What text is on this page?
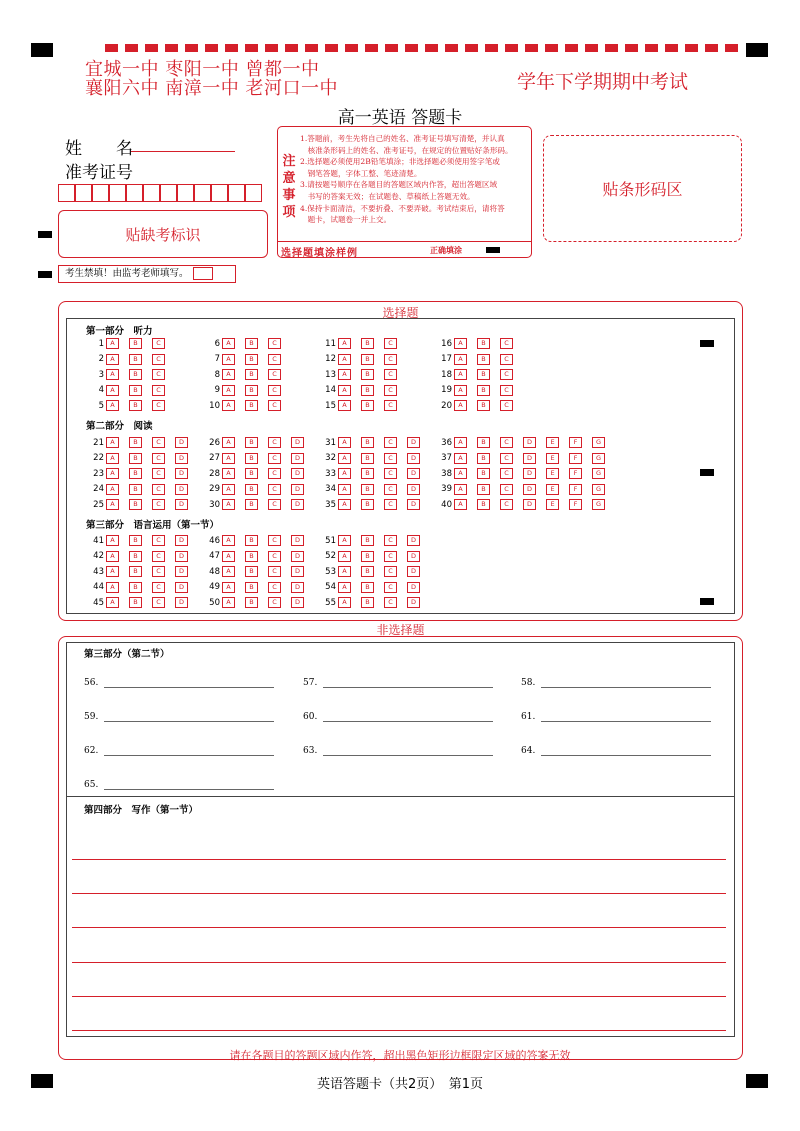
宜城一中 枣阳一中 曾都一中
襄阳六中 南漳一中 老河口一中	学年下学期期中考试
高一英语 答题卡
姓　　名
准考证号
贴缺考标识
注意事项
1.答题前，考生先将自己的姓名、准考证号填写清楚，并认真
　核准条形码上的姓名、准考证号，在规定的位置贴好条形码。
2.选择题必须使用2B铅笔填涂；非选择题必须使用签字笔或
　钢笔答题，字体工整、笔迹清楚。
3.请按题号顺序在各题目的答题区域内作答，超出答题区域
　书写的答案无效；在试题卷、草稿纸上答题无效。
4.保持卡面清洁，不要折叠、不要弄破。考试结束后，请将答
　题卡，试题卷一并上交。
选择题填涂样例	正确填涂
贴条形码区
考生禁填！由监考老师填写。
选择题
第一部分　听力
第二部分　阅读
第三部分　语言运用（第一节）
1 A	B	C
2 A	B	C
3 A	B	C
4 A	B	C
5 A	B	C
6 A	B	C
7 A	B	C
8 A	B	C
9 A	B	C
10 A	B	C
11 A	B	C
12 A	B	C
13 A	B	C
14 A	B	C
15 A	B	C
16 A	B	C
17 A	B	C
18 A	B	C
19 A	B	C
20 A	B	C
21 A	B	C	D
22 A	B	C	D
23 A	B	C	D
24 A	B	C	D
25 A	B	C	D
26 A	B	C	D
27 A	B	C	D
28 A	B	C	D
29 A	B	C	D
30 A	B	C	D
31 A	B	C	D
32 A	B	C	D
33 A	B	C	D
34 A	B	C	D
35 A	B	C	D
36 A	B	C	D	E	F	G
37 A	B	C	D	E	F	G
38 A	B	C	D	E	F	G
39 A	B	C	D	E	F	G
40 A	B	C	D	E	F	G
41 A	B	C	D
42 A	B	C	D
43 A	B	C	D
44 A	B	C	D
45 A	B	C	D
46 A	B	C	D
47 A	B	C	D
48 A	B	C	D
49 A	B	C	D
50 A	B	C	D
51 A	B	C	D
52 A	B	C	D
53 A	B	C	D
54 A	B	C	D
55 A	B	C	D
非选择题
第三部分（第二节）
56.	57.	58.
59.	60.	61.
62.	63.	64.
65.
第四部分　写作（第一节）
请在各题目的答题区域内作答，超出黑色矩形边框限定区域的答案无效
英语答题卡（共2页）　第1页
